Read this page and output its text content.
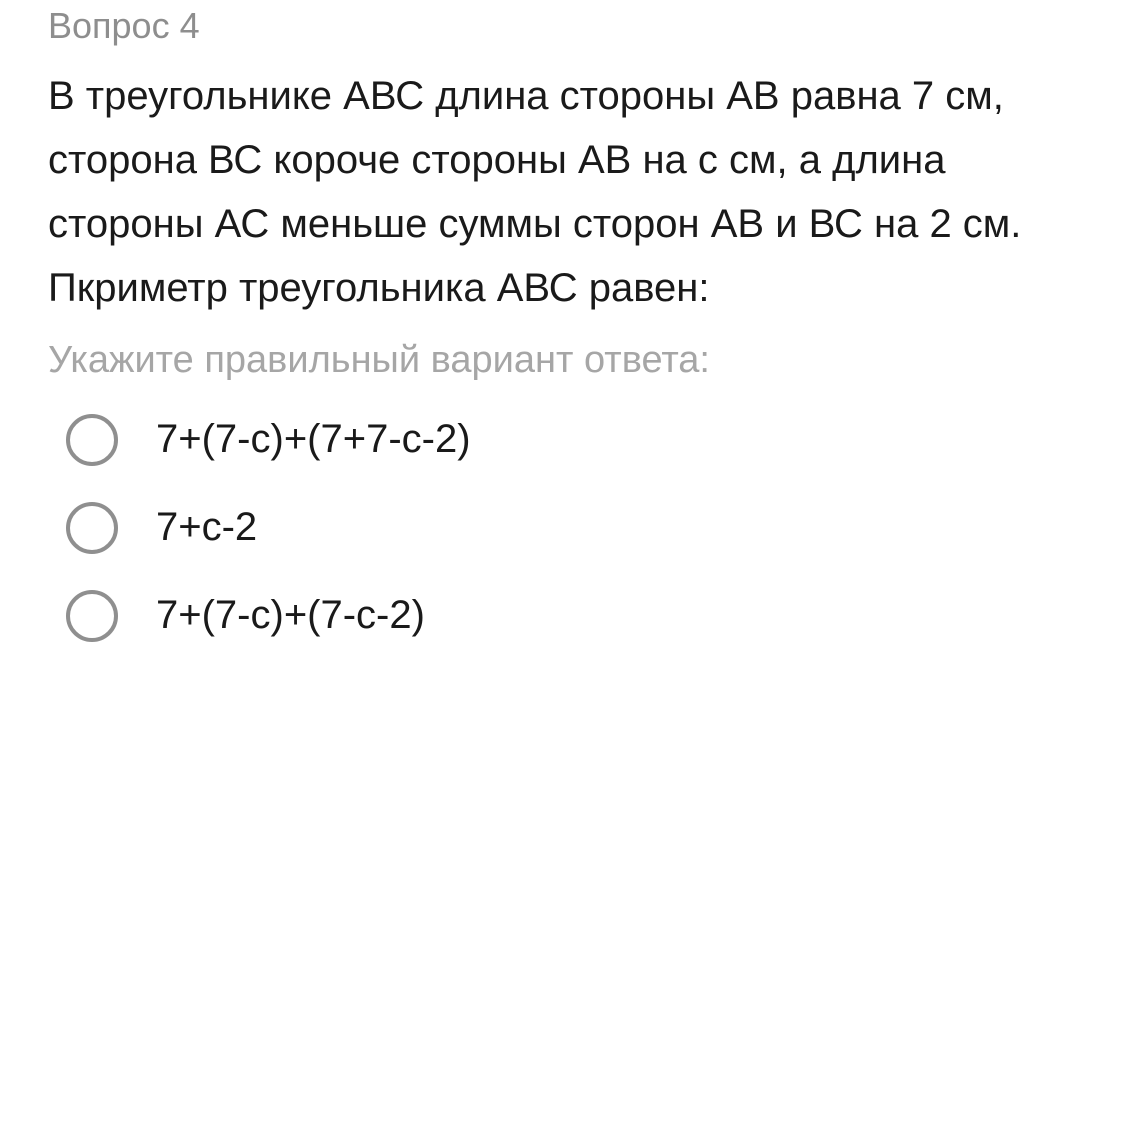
Вопрос 4
В треугольнике АВС длина стороны АВ равна 7 см,
сторона ВС короче стороны АВ на с см, а длина
стороны АС меньше суммы сторон АВ и ВС на 2 см.
Пкриметр треугольника АВС равен:
Укажите правильный вариант ответа:
7+(7-с)+(7+7-с-2)
7+с-2
7+(7-с)+(7-с-2)
